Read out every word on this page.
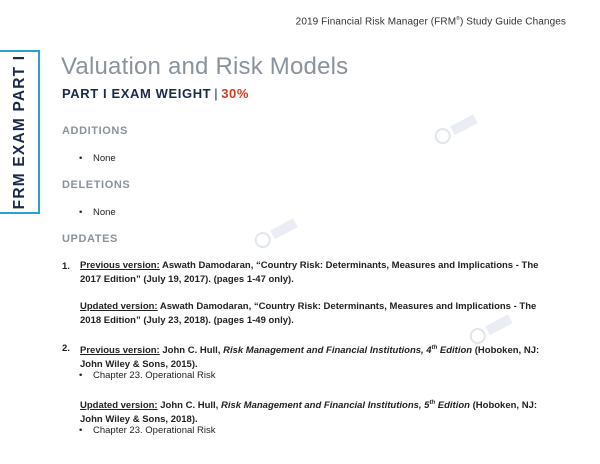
2019 Financial Risk Manager (FRM®) Study Guide Changes
FRM EXAM PART I Valuation and Risk Models
PART I EXAM WEIGHT | 30%
ADDITIONS
• None
DELETIONS
• None
UPDATES
1. Previous version: Aswath Damodaran, “Country Risk: Determinants, Measures and Implications - The 2017 Edition” (July 19, 2017). (pages 1-47 only).
Updated version: Aswath Damodaran, “Country Risk: Determinants, Measures and Implications - The 2018 Edition” (July 23, 2018). (pages 1-49 only).
2. Previous version: John C. Hull, Risk Management and Financial Institutions, 4th Edition (Hoboken, NJ: John Wiley & Sons, 2015).
• Chapter 23. Operational Risk
Updated version: John C. Hull, Risk Management and Financial Institutions, 5th Edition (Hoboken, NJ: John Wiley & Sons, 2018).
• Chapter 23. Operational Risk
